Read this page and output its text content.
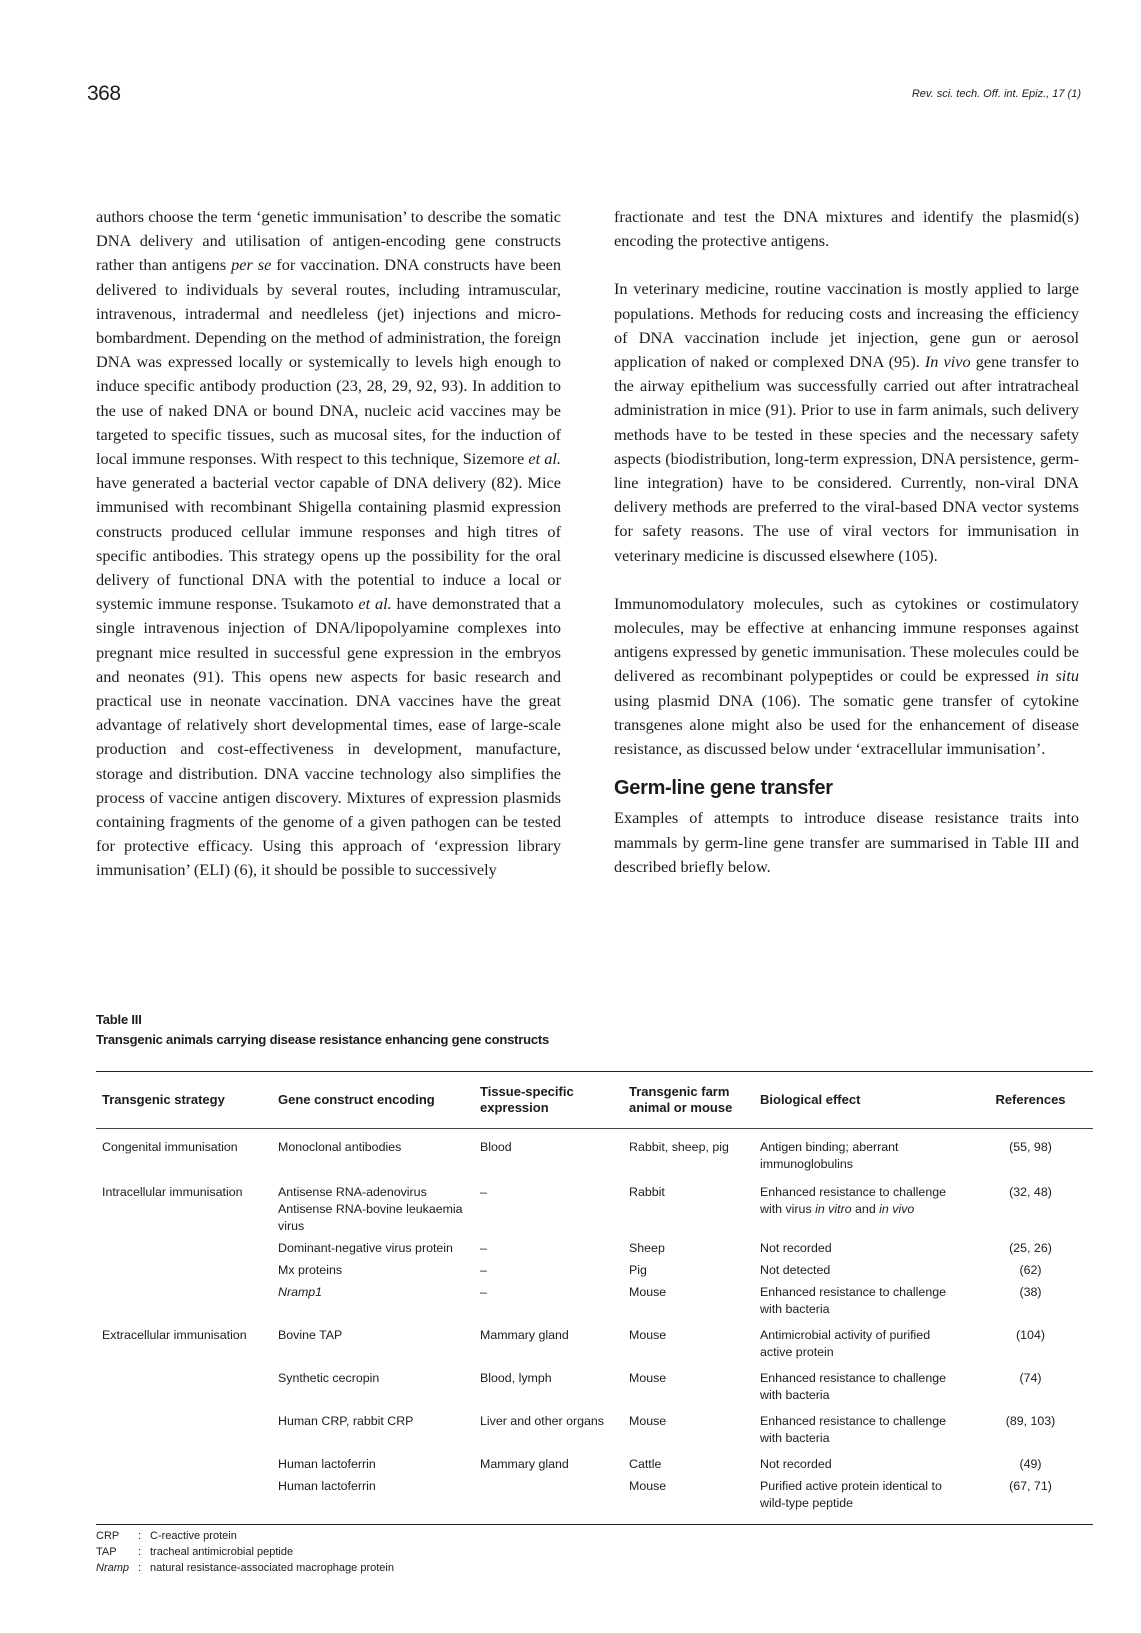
368	Rev. sci. tech. Off. int. Epiz., 17 (1)

authors choose the term ‘genetic immunisation’ to describe the somatic DNA delivery and utilisation of antigen-encoding gene constructs rather than antigens per se for vaccination. DNA constructs have been delivered to individuals by several routes, including intramuscular, intravenous, intradermal and needleless (jet) injections and micro-bombardment. Depending on the method of administration, the foreign DNA was expressed locally or systemically to levels high enough to induce specific antibody production (23, 28, 29, 92, 93). In addition to the use of naked DNA or bound DNA, nucleic acid vaccines may be targeted to specific tissues, such as mucosal sites, for the induction of local immune responses. With respect to this technique, Sizemore et al. have generated a bacterial vector capable of DNA delivery (82). Mice immunised with recombinant Shigella containing plasmid expression constructs produced cellular immune responses and high titres of specific antibodies. This strategy opens up the possibility for the oral delivery of functional DNA with the potential to induce a local or systemic immune response. Tsukamoto et al. have demonstrated that a single intravenous injection of DNA/lipopolyamine complexes into pregnant mice resulted in successful gene expression in the embryos and neonates (91). This opens new aspects for basic research and practical use in neonate vaccination. DNA vaccines have the great advantage of relatively short developmental times, ease of large-scale production and cost-effectiveness in development, manufacture, storage and distribution. DNA vaccine technology also simplifies the process of vaccine antigen discovery. Mixtures of expression plasmids containing fragments of the genome of a given pathogen can be tested for protective efficacy. Using this approach of ‘expression library immunisation’ (ELI) (6), it should be possible to successively

fractionate and test the DNA mixtures and identify the plasmid(s) encoding the protective antigens.

In veterinary medicine, routine vaccination is mostly applied to large populations. Methods for reducing costs and increasing the efficiency of DNA vaccination include jet injection, gene gun or aerosol application of naked or complexed DNA (95). In vivo gene transfer to the airway epithelium was successfully carried out after intratracheal administration in mice (91). Prior to use in farm animals, such delivery methods have to be tested in these species and the necessary safety aspects (biodistribution, long-term expression, DNA persistence, germ-line integration) have to be considered. Currently, non-viral DNA delivery methods are preferred to the viral-based DNA vector systems for safety reasons. The use of viral vectors for immunisation in veterinary medicine is discussed elsewhere (105).

Immunomodulatory molecules, such as cytokines or costimulatory molecules, may be effective at enhancing immune responses against antigens expressed by genetic immunisation. These molecules could be delivered as recombinant polypeptides or could be expressed in situ using plasmid DNA (106). The somatic gene transfer of cytokine transgenes alone might also be used for the enhancement of disease resistance, as discussed below under ‘extracellular immunisation’.

Germ-line gene transfer

Examples of attempts to introduce disease resistance traits into mammals by germ-line gene transfer are summarised in Table III and described briefly below.

Table III
Transgenic animals carrying disease resistance enhancing gene constructs
Transgenic strategy	Gene construct encoding	Tissue-specific expression	Transgenic farm animal or mouse	Biological effect	References
Congenital immunisation	Monoclonal antibodies	Blood	Rabbit, sheep, pig	Antigen binding; aberrant immunoglobulins	(55, 98)
Intracellular immunisation	Antisense RNA-adenovirus Antisense RNA-bovine leukaemia virus	–	Rabbit	Enhanced resistance to challenge with virus in vitro and in vivo	(32, 48)
	Dominant-negative virus protein	–	Sheep	Not recorded	(25, 26)
	Mx proteins	–	Pig	Not detected	(62)
	Nramp1	–	Mouse	Enhanced resistance to challenge with bacteria	(38)
Extracellular immunisation	Bovine TAP	Mammary gland	Mouse	Antimicrobial activity of purified active protein	(104)
	Synthetic cecropin	Blood, lymph	Mouse	Enhanced resistance to challenge with bacteria	(74)
	Human CRP, rabbit CRP	Liver and other organs	Mouse	Enhanced resistance to challenge with bacteria	(89, 103)
	Human lactoferrin	Mammary gland	Cattle	Not recorded	(49)
	Human lactoferrin		Mouse	Purified active protein identical to wild-type peptide	(67, 71)
CRP	: C-reactive protein
TAP	: tracheal antimicrobial peptide
Nramp : natural resistance-associated macrophage protein
